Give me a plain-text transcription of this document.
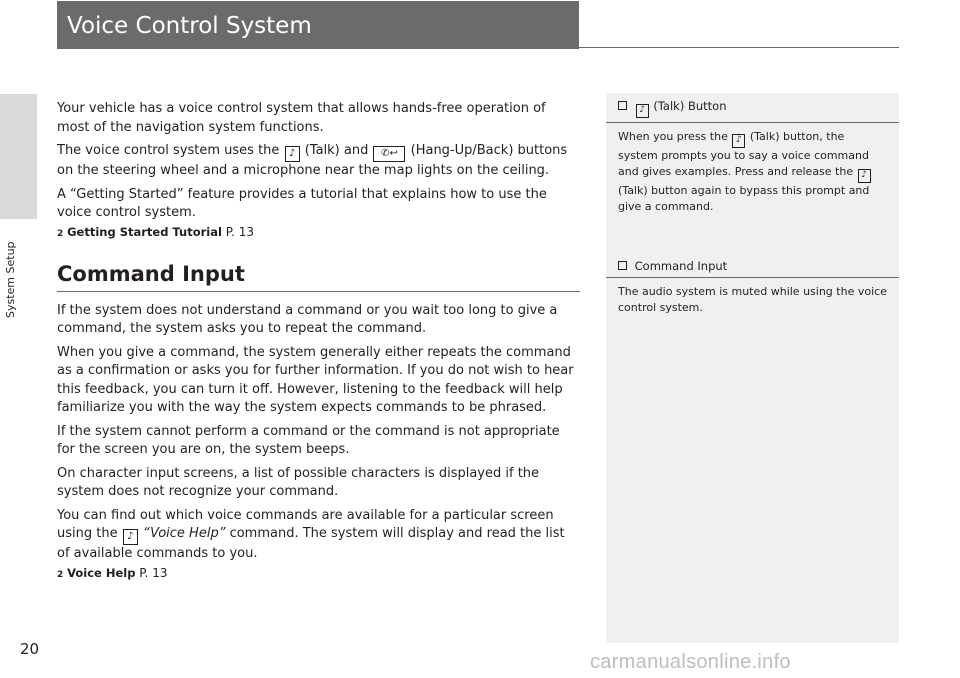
System Setup
20
Voice Control System

Your vehicle has a voice control system that allows hands-free operation of most of the navigation system functions.

The voice control system uses the ♪ (Talk) and ✆↩ (Hang-Up/Back) buttons on the steering wheel and a microphone near the map lights on the ceiling.

A “Getting Started” feature provides a tutorial that explains how to use the voice control system.

2 Getting Started Tutorial P. 13
Command Input

If the system does not understand a command or you wait too long to give a command, the system asks you to repeat the command.

When you give a command, the system generally either repeats the command as a confirmation or asks you for further information. If you do not wish to hear this feedback, you can turn it off. However, listening to the feedback will help familiarize you with the way the system expects commands to be phrased.

If the system cannot perform a command or the command is not appropriate for the screen you are on, the system beeps.

On character input screens, a list of possible characters is displayed if the system does not recognize your command.

You can find out which voice commands are available for a particular screen using the ♪ “Voice Help” command. The system will display and read the list of available commands to you.

2 Voice Help P. 13
♪ (Talk) Button
When you press the ♪ (Talk) button, the system prompts you to say a voice command and gives examples. Press and release the ♪ (Talk) button again to bypass this prompt and give a command.
Command Input
The audio system is muted while using the voice control system.
carmanualsonline.info
